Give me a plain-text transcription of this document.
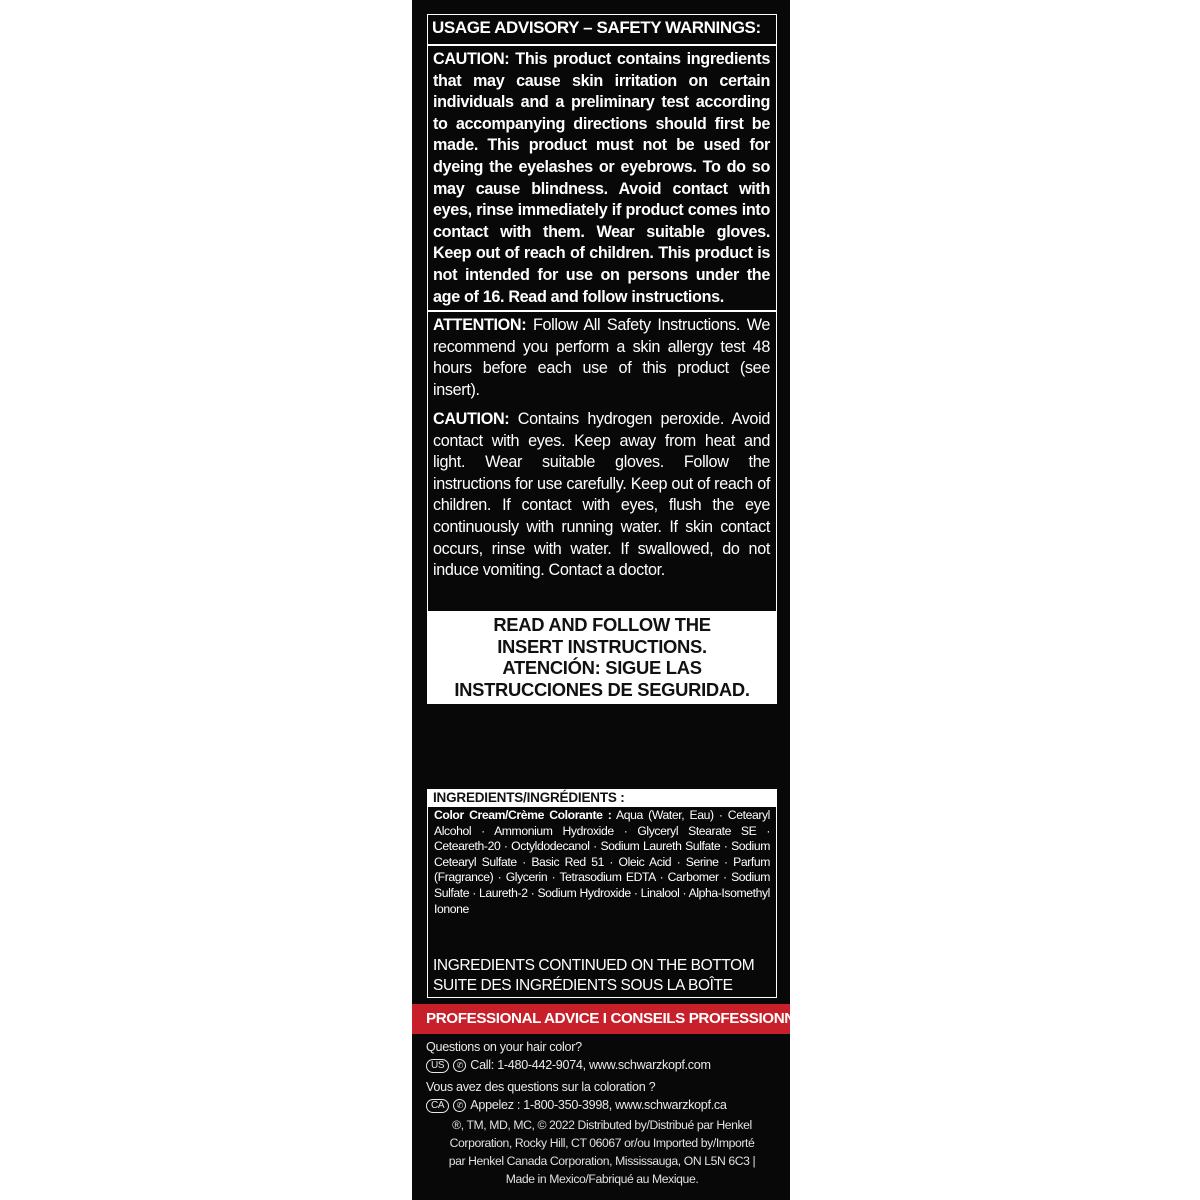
USAGE ADVISORY – SAFETY WARNINGS:
CAUTION: This product contains ingredients that may cause skin irritation on certain individuals and a preliminary test according to accompanying directions should first be made. This product must not be used for dyeing the eyelashes or eyebrows. To do so may cause blindness. Avoid contact with eyes, rinse immediately if product comes into contact with them. Wear suitable gloves. Keep out of reach of children. This product is not intended for use on persons under the age of 16. Read and follow instructions.
ATTENTION: Follow All Safety Instructions. We recommend you perform a skin allergy test 48 hours before each use of this product (see insert).
CAUTION: Contains hydrogen peroxide. Avoid contact with eyes. Keep away from heat and light. Wear suitable gloves. Follow the instructions for use carefully. Keep out of reach of children. If contact with eyes, flush the eye continuously with running water. If skin contact occurs, rinse with water. If swallowed, do not induce vomiting. Contact a doctor.
READ AND FOLLOW THE
INSERT INSTRUCTIONS.
ATENCIÓN: SIGUE LAS
INSTRUCCIONES DE SEGURIDAD.
INGREDIENTS/INGRÉDIENTS :
Color Cream/Crème Colorante : Aqua (Water, Eau) · Cetearyl Alcohol · Ammonium Hydroxide · Glyceryl Stearate SE · Ceteareth-20 · Octyldodecanol · Sodium Laureth Sulfate · Sodium Cetearyl Sulfate · Basic Red 51 · Oleic Acid · Serine · Parfum (Fragrance) · Glycerin · Tetrasodium EDTA · Carbomer · Sodium Sulfate · Laureth-2 · Sodium Hydroxide · Linalool · Alpha-Isomethyl Ionone
INGREDIENTS CONTINUED ON THE BOTTOM
SUITE DES INGRÉDIENTS SOUS LA BOÎTE
PROFESSIONAL ADVICE I CONSEILS PROFESSIONNELS
Questions on your hair color?
US ✆ Call: 1-480-442-9074, www.schwarzkopf.com
Vous avez des questions sur la coloration ?
CA ✆ Appelez : 1-800-350-3998, www.schwarzkopf.ca
®, TM, MD, MC, © 2022 Distributed by/Distribué par Henkel
Corporation, Rocky Hill, CT 06067 or/ou Imported by/Importé
par Henkel Canada Corporation, Mississauga, ON L5N 6C3 |
Made in Mexico/Fabriqué au Mexique.
